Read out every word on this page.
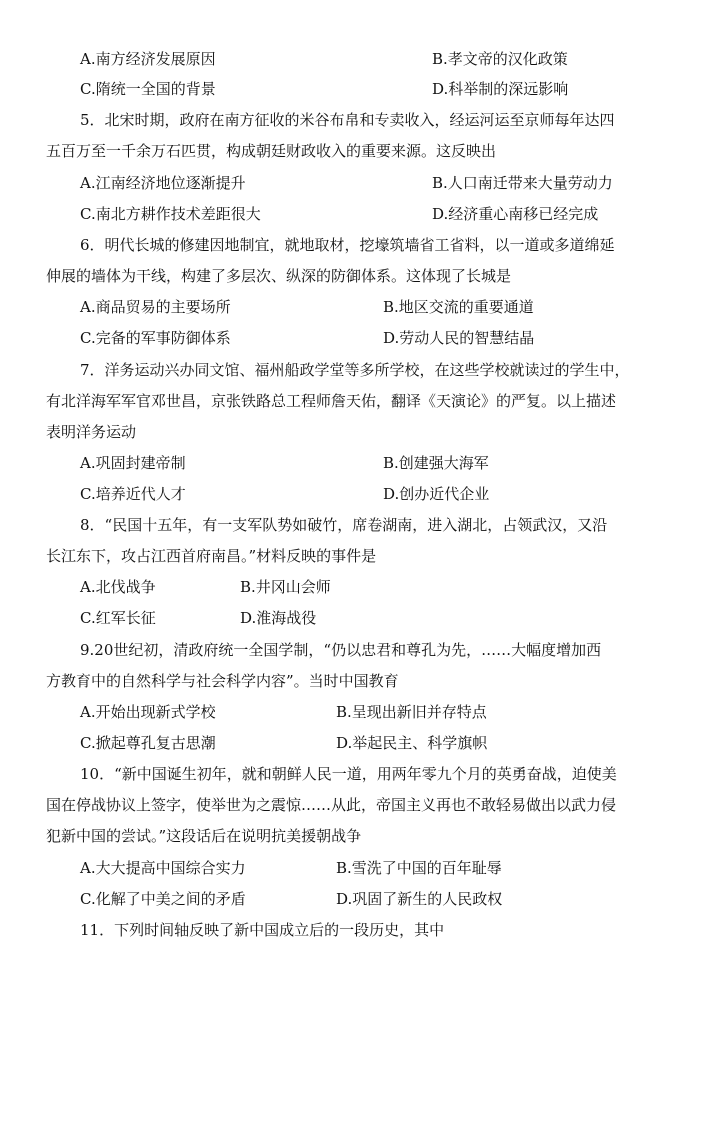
A.南方经济发展原因	B.孝文帝的汉化政策
C.隋统一全国的背景	D.科举制的深远影响
5．北宋时期，政府在南方征收的米谷布帛和专卖收入，经运河运至京师每年达四
五百万至一千余万石匹贯，构成朝廷财政收入的重要来源。这反映出
A.江南经济地位逐渐提升	B.人口南迁带来大量劳动力
C.南北方耕作技术差距很大	D.经济重心南移已经完成
6．明代长城的修建因地制宜，就地取材，挖壕筑墙省工省料，以一道或多道绵延
伸展的墙体为干线，构建了多层次、纵深的防御体系。这体现了长城是
A.商品贸易的主要场所	B.地区交流的重要通道
C.完备的军事防御体系	D.劳动人民的智慧结晶
7．洋务运动兴办同文馆、福州船政学堂等多所学校，在这些学校就读过的学生中，
有北洋海军军官邓世昌，京张铁路总工程师詹天佑，翻译《天演论》的严复。以上描述
表明洋务运动
A.巩固封建帝制	B.创建强大海军
C.培养近代人才	D.创办近代企业
8．“民国十五年，有一支军队势如破竹，席卷湖南，进入湖北，占领武汉，又沿
长江东下，攻占江西首府南昌。”材料反映的事件是
A.北伐战争	B.井冈山会师
C.红军长征	D.淮海战役
9.20世纪初，清政府统一全国学制，“仍以忠君和尊孔为先，……大幅度增加西
方教育中的自然科学与社会科学内容”。当时中国教育
A.开始出现新式学校	B.呈现出新旧并存特点
C.掀起尊孔复古思潮	D.举起民主、科学旗帜
10．“新中国诞生初年，就和朝鲜人民一道，用两年零九个月的英勇奋战，迫使美
国在停战协议上签字，使举世为之震惊……从此，帝国主义再也不敢轻易做出以武力侵
犯新中国的尝试。”这段话后在说明抗美援朝战争
A.大大提高中国综合实力	B.雪洗了中国的百年耻辱
C.化解了中美之间的矛盾	D.巩固了新生的人民政权
11．下列时间轴反映了新中国成立后的一段历史，其中
